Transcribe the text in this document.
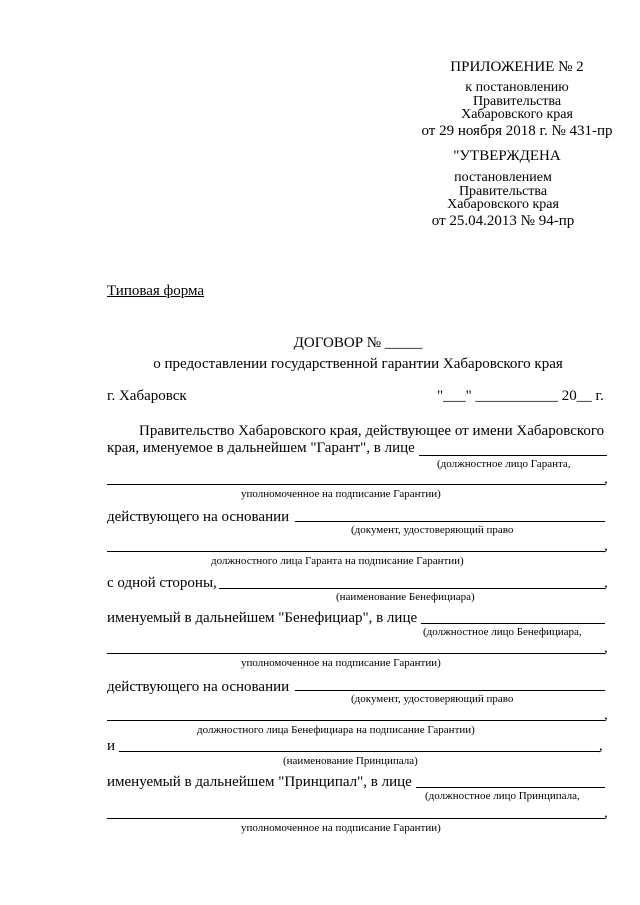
ПРИЛОЖЕНИЕ № 2
к постановлению
Правительства
Хабаровского края
от 29 ноября 2018 г. № 431-пр
"УТВЕРЖДЕНА
постановлением
Правительства
Хабаровского края
от 25.04.2013 № 94-пр
Типовая форма
ДОГОВОР № _____
о предоставлении государственной гарантии Хабаровского края
г. Хабаровск	"___" ___________ 20__ г.
Правительство Хабаровского края, действующее от имени Хабаровского
края, именуемое в дальнейшем "Гарант", в лице
(должностное лицо Гаранта,
,
уполномоченное на подписание Гарантии)
действующего на основании
(документ, удостоверяющий право
,
должностного лица Гаранта на подписание Гарантии)
с одной стороны,	,
(наименование Бенефициара)
именуемый в дальнейшем "Бенефициар", в лице
(должностное лицо Бенефициара,
,
уполномоченное на подписание Гарантии)
действующего на основании
(документ, удостоверяющий право
,
должностного лица Бенефициара на подписание Гарантии)
и	,
(наименование Принципала)
именуемый в дальнейшем "Принципал", в лице
(должностное лицо Принципала,
,
уполномоченное на подписание Гарантии)
